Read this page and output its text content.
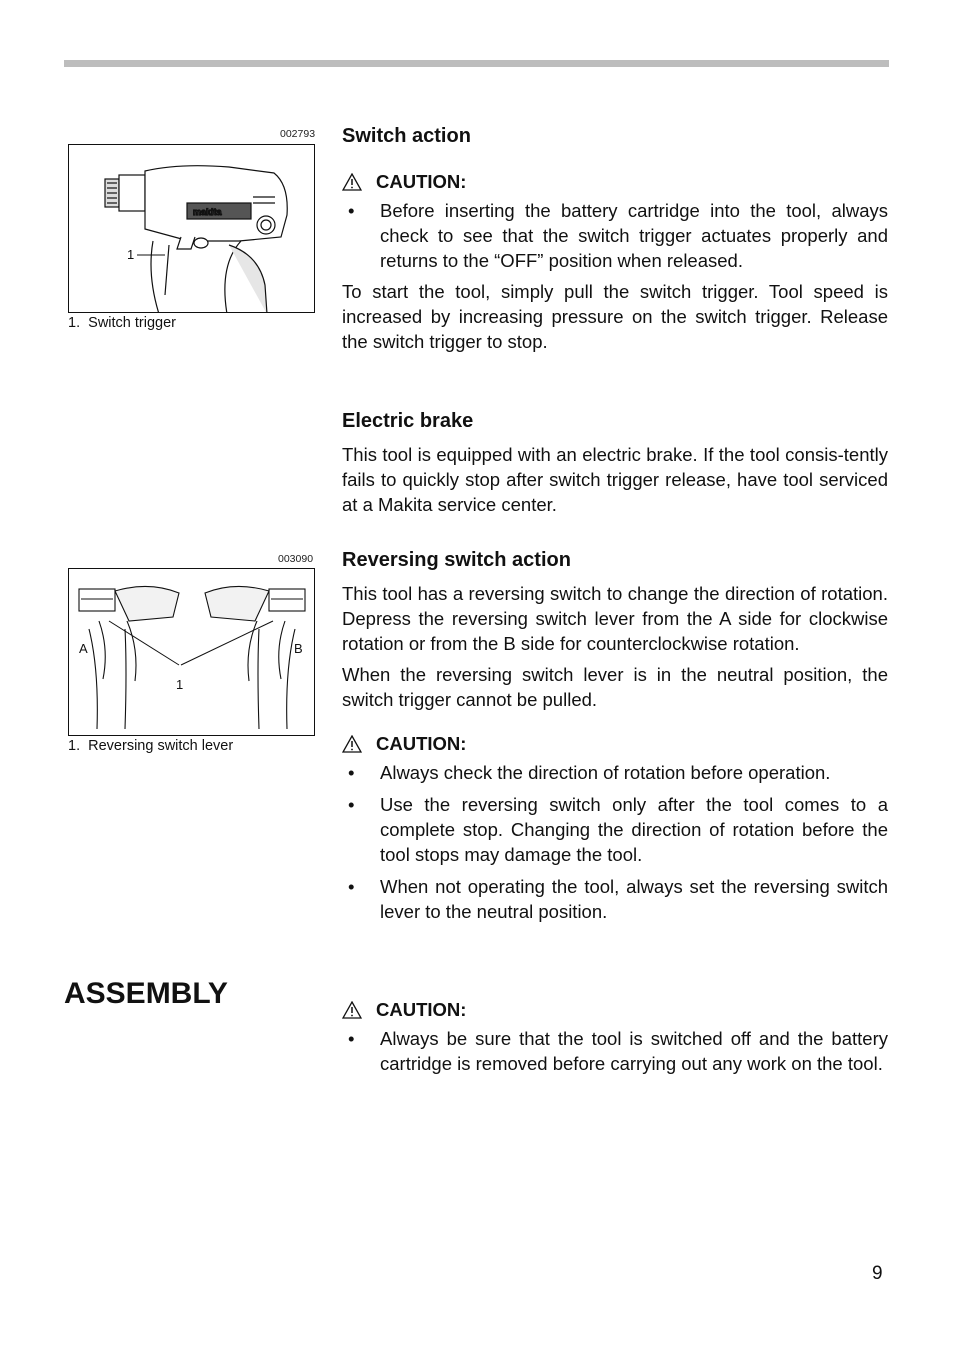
002793
makita
1
1.  Switch trigger
003090
A	B
1
1.  Reversing switch lever
Switch action
CAUTION:
• Before inserting the battery cartridge into the tool, always check to see that the switch trigger actuates properly and returns to the “OFF” position when released.

To start the tool, simply pull the switch trigger. Tool speed is increased by increasing pressure on the switch trigger. Release the switch trigger to stop.

Electric brake

This tool is equipped with an electric brake. If the tool consis-tently fails to quickly stop after switch trigger release, have tool serviced at a Makita service center.

Reversing switch action

This tool has a reversing switch to change the direction of rotation. Depress the reversing switch lever from the A side for clockwise rotation or from the B side for counterclockwise rotation.

When the reversing switch lever is in the neutral position, the switch trigger cannot be pulled.

CAUTION:
• Always check the direction of rotation before operation.
• Use the reversing switch only after the tool comes to a complete stop. Changing the direction of rotation before the tool stops may damage the tool.
• When not operating the tool, always set the reversing switch lever to the neutral position.
ASSEMBLY	CAUTION:
• Always be sure that the tool is switched off and the battery cartridge is removed before carrying out any work on the tool.
9
